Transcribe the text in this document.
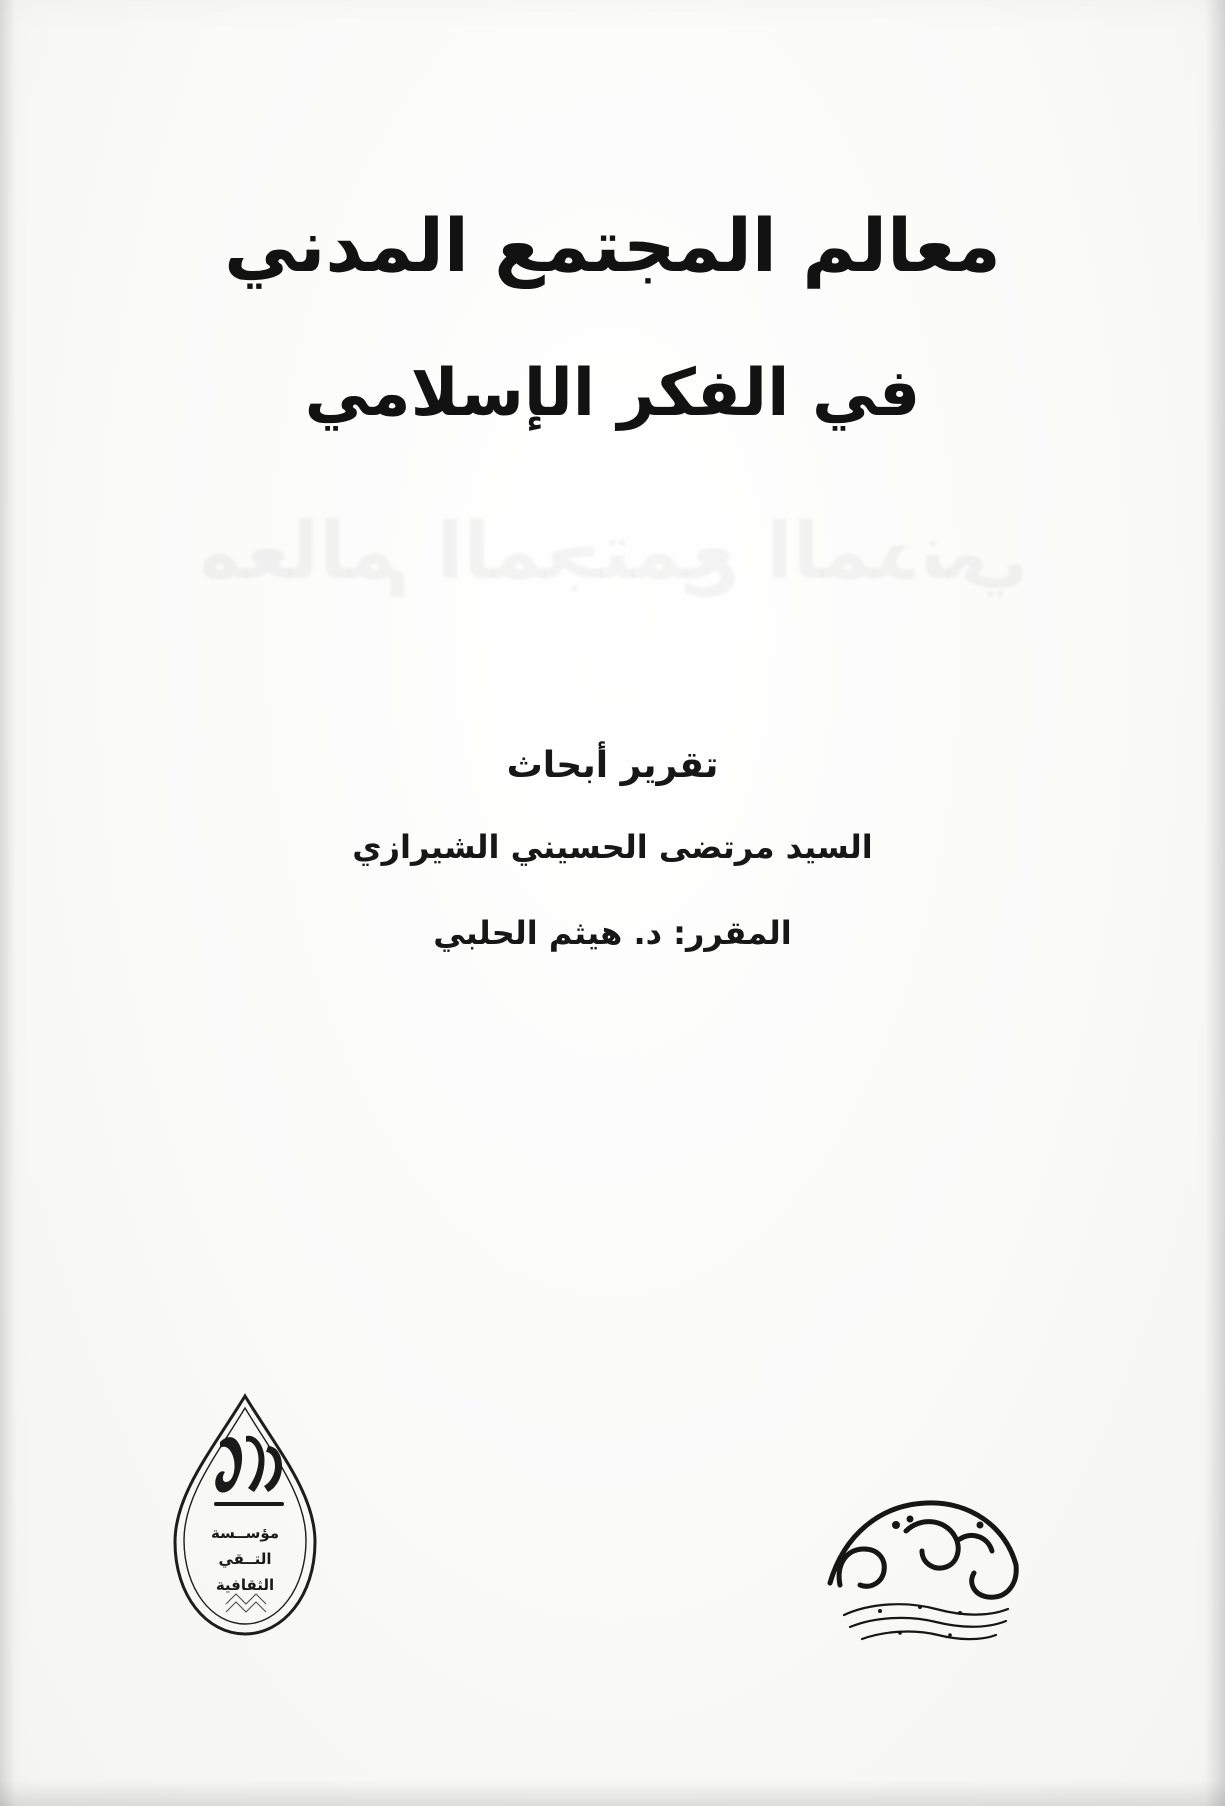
معالم المجتمع المدني
في الفكر الإسلامي
تقرير أبحاث
السيد مرتضى الحسيني الشيرازي
المقرر: د. هيثم الحلبي
مؤســسة
التــقي
الثقافية
